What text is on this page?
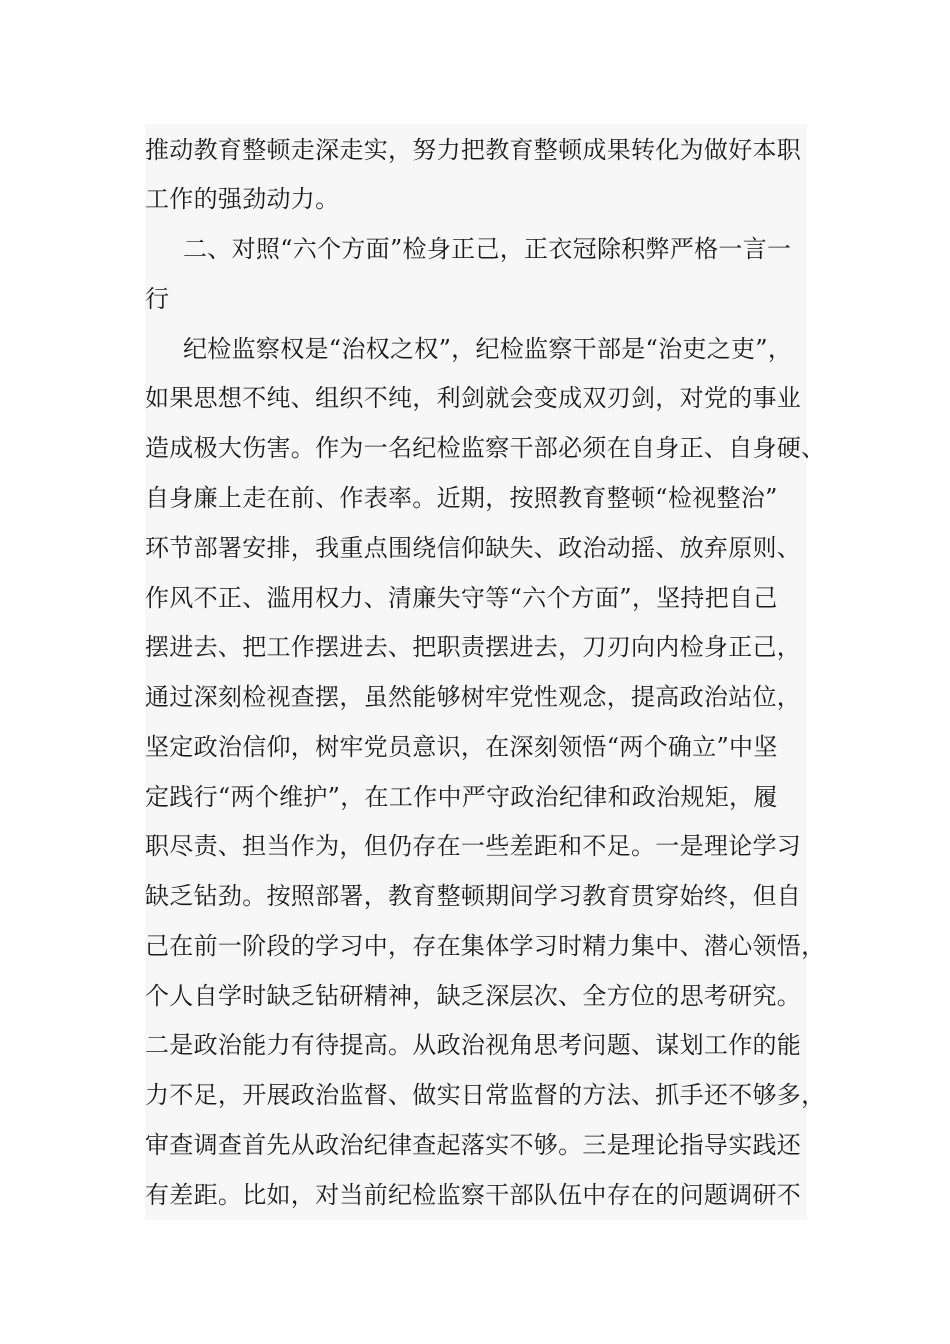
推动教育整顿走深走实，努力把教育整顿成果转化为做好本职
工作的强劲动力。
二、对照“六个方面”检身正己，正衣冠除积弊严格一言一
行
纪检监察权是“治权之权”，纪检监察干部是“治吏之吏”，
如果思想不纯、组织不纯，利剑就会变成双刃剑，对党的事业
造成极大伤害。作为一名纪检监察干部必须在自身正、自身硬、
自身廉上走在前、作表率。近期，按照教育整顿“检视整治”
环节部署安排，我重点围绕信仰缺失、政治动摇、放弃原则、
作风不正、滥用权力、清廉失守等“六个方面”，坚持把自己
摆进去、把工作摆进去、把职责摆进去，刀刃向内检身正己，
通过深刻检视查摆，虽然能够树牢党性观念，提高政治站位，
坚定政治信仰，树牢党员意识，在深刻领悟“两个确立”中坚
定践行“两个维护”，在工作中严守政治纪律和政治规矩，履
职尽责、担当作为，但仍存在一些差距和不足。一是理论学习
缺乏钻劲。按照部署，教育整顿期间学习教育贯穿始终，但自
己在前一阶段的学习中，存在集体学习时精力集中、潜心领悟，
个人自学时缺乏钻研精神，缺乏深层次、全方位的思考研究。
二是政治能力有待提高。从政治视角思考问题、谋划工作的能
力不足，开展政治监督、做实日常监督的方法、抓手还不够多，
审查调查首先从政治纪律查起落实不够。三是理论指导实践还
有差距。比如，对当前纪检监察干部队伍中存在的问题调研不
